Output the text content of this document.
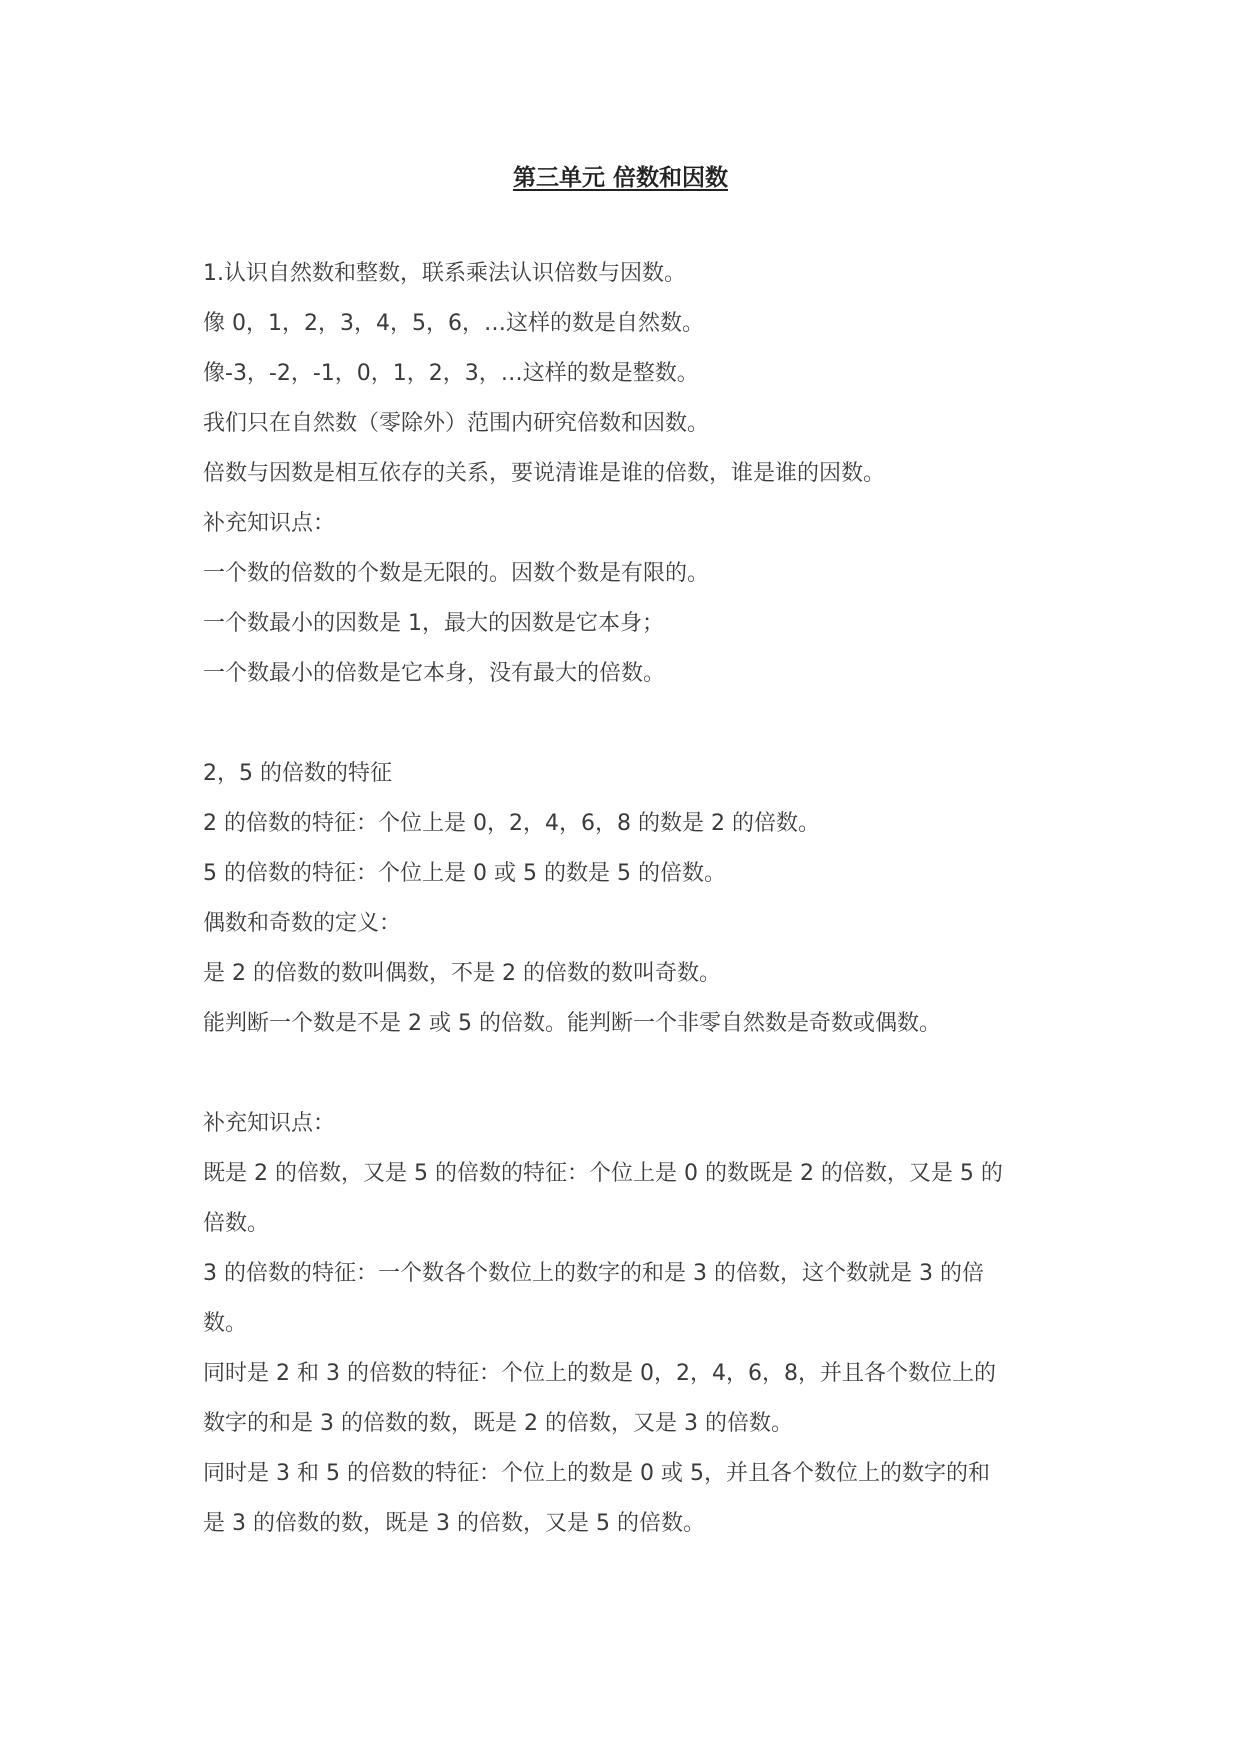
第三单元 倍数和因数
1.认识自然数和整数，联系乘法认识倍数与因数。
像 0，1，2，3，4，5，6，…这样的数是自然数。
像-3，-2，-1，0，1，2，3，…这样的数是整数。
我们只在自然数（零除外）范围内研究倍数和因数。
倍数与因数是相互依存的关系，要说清谁是谁的倍数，谁是谁的因数。
补充知识点：
一个数的倍数的个数是无限的。因数个数是有限的。
一个数最小的因数是 1，最大的因数是它本身；
一个数最小的倍数是它本身，没有最大的倍数。
2，5 的倍数的特征
2 的倍数的特征：个位上是 0，2，4，6，8 的数是 2 的倍数。
5 的倍数的特征：个位上是 0 或 5 的数是 5 的倍数。
偶数和奇数的定义：
是 2 的倍数的数叫偶数，不是 2 的倍数的数叫奇数。
能判断一个数是不是 2 或 5 的倍数。能判断一个非零自然数是奇数或偶数。
补充知识点：
既是 2 的倍数，又是 5 的倍数的特征：个位上是 0 的数既是 2 的倍数，又是 5 的
倍数。
3 的倍数的特征：一个数各个数位上的数字的和是 3 的倍数，这个数就是 3 的倍
数。
同时是 2 和 3 的倍数的特征：个位上的数是 0，2，4，6，8，并且各个数位上的
数字的和是 3 的倍数的数，既是 2 的倍数，又是 3 的倍数。
同时是 3 和 5 的倍数的特征：个位上的数是 0 或 5，并且各个数位上的数字的和
是 3 的倍数的数，既是 3 的倍数，又是 5 的倍数。
